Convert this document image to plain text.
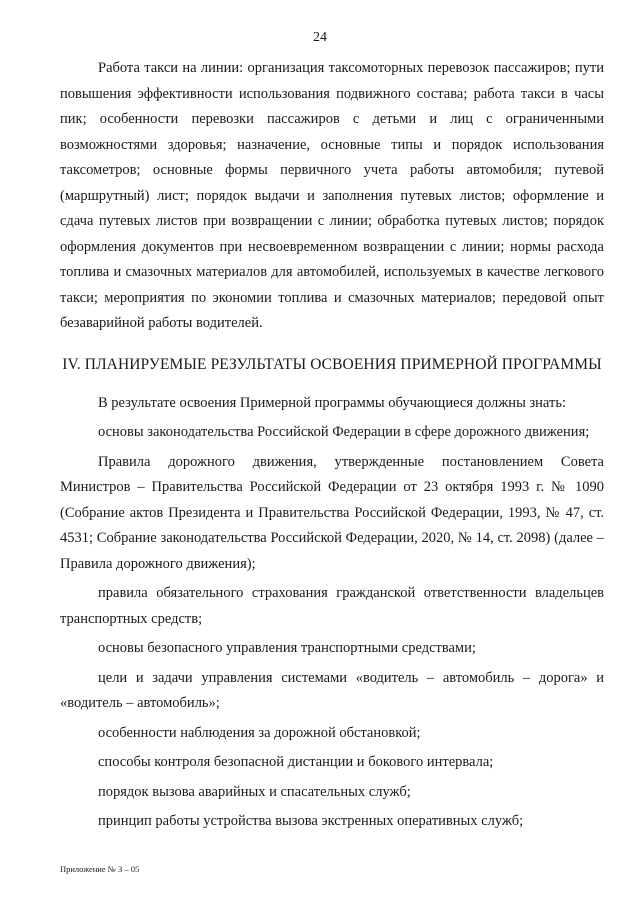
24

Работа такси на линии: организация таксомоторных перевозок пассажиров; пути повышения эффективности использования подвижного состава; работа такси в часы пик; особенности перевозки пассажиров с детьми и лиц с ограниченными возможностями здоровья; назначение, основные типы и порядок использования таксометров; основные формы первичного учета работы автомобиля; путевой (маршрутный) лист; порядок выдачи и заполнения путевых листов; оформление и сдача путевых листов при возвращении с линии; обработка путевых листов; порядок оформления документов при несвоевременном возвращении с линии; нормы расхода топлива и смазочных материалов для автомобилей, используемых в качестве легкового такси; мероприятия по экономии топлива и смазочных материалов; передовой опыт безаварийной работы водителей.

IV. ПЛАНИРУЕМЫЕ РЕЗУЛЬТАТЫ ОСВОЕНИЯ ПРИМЕРНОЙ ПРОГРАММЫ

В результате освоения Примерной программы обучающиеся должны знать:

основы законодательства Российской Федерации в сфере дорожного движения;

Правила дорожного движения, утвержденные постановлением Совета Министров – Правительства Российской Федерации от 23 октября 1993 г. № 1090 (Собрание актов Президента и Правительства Российской Федерации, 1993, № 47, ст. 4531; Собрание законодательства Российской Федерации, 2020, № 14, ст. 2098) (далее – Правила дорожного движения);

правила обязательного страхования гражданской ответственности владельцев транспортных средств;

основы безопасного управления транспортными средствами;

цели и задачи управления системами «водитель – автомобиль – дорога» и «водитель – автомобиль»;

особенности наблюдения за дорожной обстановкой;

способы контроля безопасной дистанции и бокового интервала;

порядок вызова аварийных и спасательных служб;

принцип работы устройства вызова экстренных оперативных служб;

Приложение № 3 – 05
